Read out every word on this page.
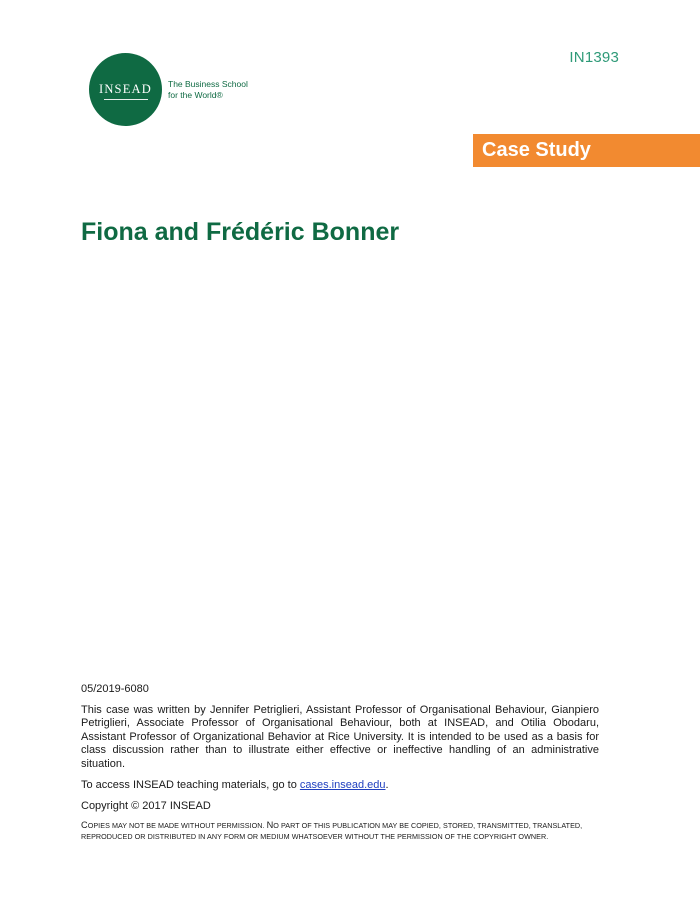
IN1393
INSEAD The Business School
for the World®
Case Study
Fiona and Frédéric Bonner

05/2019-6080

This case was written by Jennifer Petriglieri, Assistant Professor of Organisational Behaviour, Gianpiero Petriglieri, Associate Professor of Organisational Behaviour, both at INSEAD, and Otilia Obodaru, Assistant Professor of Organizational Behavior at Rice University. It is intended to be used as a basis for class discussion rather than to illustrate either effective or ineffective handling of an administrative situation.

To access INSEAD teaching materials, go to cases.insead.edu.

Copyright © 2017 INSEAD

COPIES MAY NOT BE MADE WITHOUT PERMISSION. NO PART OF THIS PUBLICATION MAY BE COPIED, STORED, TRANSMITTED, TRANSLATED, REPRODUCED OR DISTRIBUTED IN ANY FORM OR MEDIUM WHATSOEVER WITHOUT THE PERMISSION OF THE COPYRIGHT OWNER.
